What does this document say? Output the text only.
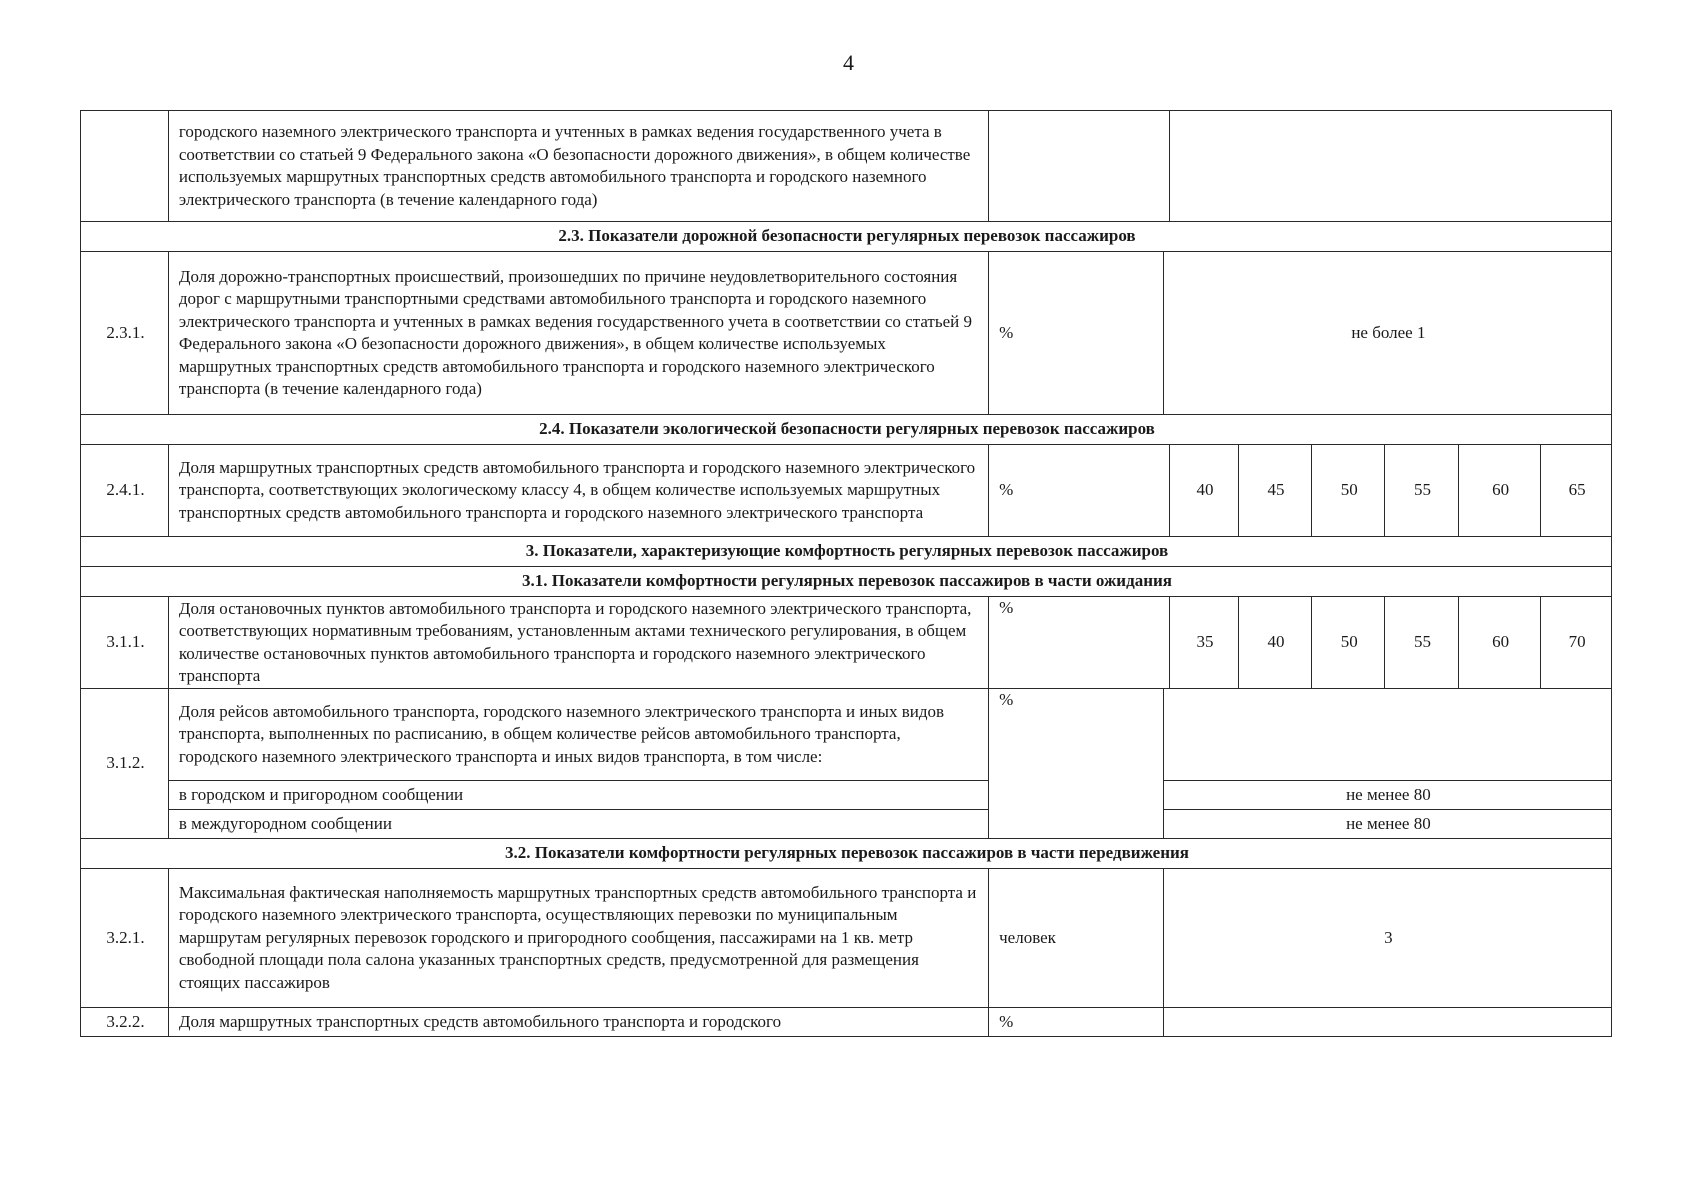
4
	городского наземного электрического транспорта и учтенных в рамках ведения государственного учета в соответствии со статьей 9 Федерального закона «О безопасности дорожного движения», в общем количестве используемых маршрутных транспортных средств автомобильного транспорта и городского наземного электрического транспорта (в течение календарного года)								
2.3. Показатели дорожной безопасности регулярных перевозок пассажиров									
2.3.1.	Доля дорожно-транспортных происшествий, произошедших по причине неудовлетворительного состояния дорог с маршрутными транспортными средствами автомобильного транспорта и городского наземного электрического транспорта и учтенных в рамках ведения государственного учета в соответствии со статьей 9 Федерального закона «О безопасности дорожного движения», в общем количестве используемых маршрутных транспортных средств автомобильного транспорта и городского наземного электрического транспорта (в течение календарного года)	%	не более 1						
2.4. Показатели экологической безопасности регулярных перевозок пассажиров									
2.4.1.	Доля маршрутных транспортных средств автомобильного транспорта и городского наземного электрического транспорта, соответствующих экологическому классу 4, в общем количестве используемых маршрутных транспортных средств автомобильного транспорта и городского наземного электрического транспорта	%		40	45	50	55	60	65
3. Показатели, характеризующие комфортность регулярных перевозок пассажиров									
3.1. Показатели комфортности регулярных перевозок пассажиров в части ожидания									
3.1.1.	Доля остановочных пунктов автомобильного транспорта и городского наземного электрического транспорта, соответствующих нормативным требованиям, установленным актами технического регулирования, в общем количестве остановочных пунктов автомобильного транспорта и городского наземного электрического транспорта	%		35	40	50	55	60	70
3.1.2.	Доля рейсов автомобильного транспорта, городского наземного электрического транспорта и иных видов транспорта, выполненных по расписанию, в общем количестве рейсов автомобильного транспорта, городского наземного электрического транспорта и иных видов транспорта, в том числе:	%							
	в городском и пригородном сообщении		не менее 80						
	в междугородном сообщении		не менее 80						
3.2. Показатели комфортности регулярных перевозок пассажиров в части передвижения									
3.2.1.	Максимальная фактическая наполняемость маршрутных транспортных средств автомобильного транспорта и городского наземного электрического транспорта, осуществляющих перевозки по муниципальным маршрутам регулярных перевозок городского и пригородного сообщения, пассажирами на 1 кв. метр свободной площади пола салона указанных транспортных средств, предусмотренной для размещения стоящих пассажиров	человек	3						
3.2.2.	Доля маршрутных транспортных средств автомобильного транспорта и городского	%							
